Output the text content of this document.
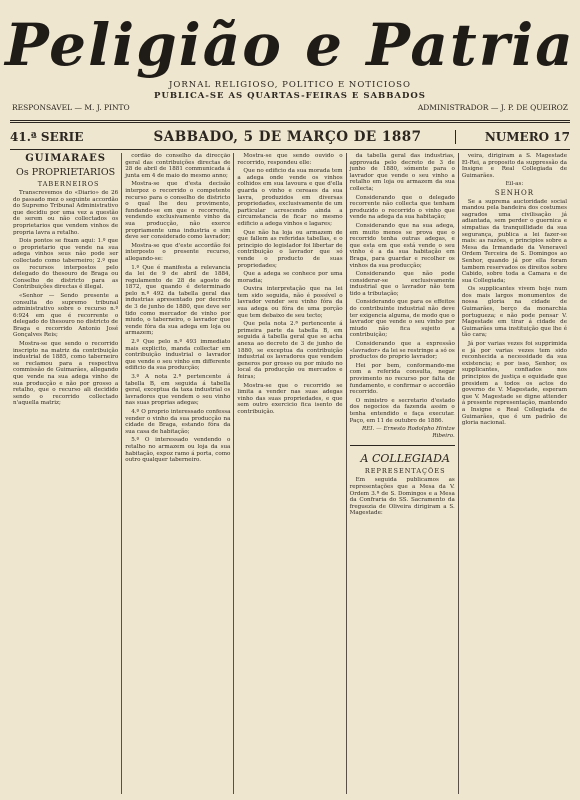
Peligião e Patria
JORNAL RELIGIOSO, POLITICO E NOTICIOSO
PUBLICA-SE AS QUARTAS-FEIRAS E SABBADOS
RESPONSAVEL — M. J. PINTO	ADMINISTRADOR — J. P. DE QUEIROZ
41.ª SERIE	SABBADO, 5 DE MARÇO DE 1887	NUMERO 17

GUIMARÃES

Os PROPRIETARIOS

TABERNEIROS

Transcrevemos do «Diario» de 26 do passado mez o seguinte accordão do Supremo Tribunal Administrativo que decidiu por uma vez a questão de serem ou não collectados os proprietarios que vendem vinhos de propria lavra a retalho.

Dois pontos se fixam aqui: 1.º que o proprietario que vende na sua adega vinhos seus não pode ser collectado como taberneiro; 2.º que os recursos interpostos pelo delegado do thesouro de Braga ou Conselho de districto para as Contribuições directas é illegal.

«Senhor — Sendo presente a consulta do supremo tribunal administrativo sobre o recurso n.º 6:924 em que é recorrente o delegado do thesouro no districto de Braga e recorrido Antonio José Gonçalves Reis;

Mostra-se que sendo o recorrido inscripto na matriz da contribuição industrial de 1885, como taberneiro se reclamou para a respectiva commissão de Guimarães, allegando que vende na sua adega vinho de sua producção e não por grosso a retalho, que o recurso ali decidido sendo o recorrido collectado n'aquella matriz;

cordão do conselho da direcção geral das contribuições directas de 28 de abril de 1881 communicada á junta em 4 de maio do mesmo anno;

Mostra-se que d'esta decisão interpoz o recorrido o competente recurso para o conselho de districto o qual lhe deu provimento, fundando-se em que o recorrente, vendendo exclusivamente vinho da sua producção, não exerce propriamente uma industria e sim deve ser considerado como lavrador;

Mostra-se que d'este accordão foi interposto o presente recurso, allegando-se:

1.º Que é manifesta a relevancia da lei de 9 de abril de 1884, regulamento de 28 de agosto de 1872, que quando é determinado pelo n.º 492 da tabella geral das industrias apresentado por decreto de 3 de junho de 1880, que deve ser tido como mercador de vinho por miudo, o taberneiro, o lavrador que vende fóra da sua adega em loja ou armazem;

2.º Que pelo n.º 493 immediato mais explicito, manda collectar em contribuição industrial o lavrador que vende o seu vinho em differente edificio da sua producção;

3.º A nota 2.ª pertencente á tabella B, em seguida á tabella geral, exceptua da taxa industrial os lavradores que vendem o seu vinho nas suas proprias adegas;

4.º O proprio interessado confessa vender o vinho da sua producção na cidade de Braga, estando fóra da sua casa de habitação;

5.º O interessado vendendo o retalho no armazem ou loja da sua habitação, expoz ramo á porta, como outro qualquer taberneiro.

Mostra-se que sendo ouvido o recorrido, respondeu elle:

Que no edificio da sua morada tem a adega onde vende os vinhos colhidos em sua lavoura e que d'ella guarda o vinho e cereaes da sua lavra, produzidos em diversas propriedades, exclusivamente de um particular acrescendo ainda a circumstancia de ficar no mesmo edificio a adega vinhos e lagares;

Que não ha loja ou armazem de que fallem as referidas tabellas, e o principio do legislador foi libertar de contribuição o lavrador que só vende o producto de suas propriedades;

Que a adega se conhece por uma moradia;

Ouvira interpretação que na lei tem sido seguida, não é possível o lavrador vender seu vinho fóra da sua adega ou fóra de uma porção que tem debaixo de seu tecto;

Que pela nota 2.ª pertencente á primeira parte da tabella B, em seguida á tabella geral que se acha anexa ao decreto de 3 de junho de 1880, se exceptua da contribuição industrial os lavradores que vendem generos por grosso ou por miudo no local da producção ou mercados e feiras;

Mostra-se que o recorrido se limita a vender nas suas adegas vinho das suas propriedades, e que sem outro exercicio fica isento de contribuição.

da tabella geral das industrias, approvada pelo decreto de 3 de junho de 1880, sómente para o lavrador que vende o seu vinho a retalho em loja ou armazem da sua collecta;

Considerando que o delegado recorrente não collecta que tenham produzido o recorrido o vinho que vende na adega da sua habitação;

Considerando que na sua adega, em muito menos se prova que o recorrido tenha outras adegas, e que esta em que está vende o seu vinho é a da sua habitação em Braga, para guardar e recolher os vinhos da sua producção;

Considerando que não pode considerar-se exclusivamente industrial que o lavrador não tem tido a tributação;

Considerando que para os effeitos do contribuinte industrial não deve ter exigencia alguma, de modo que o lavrador que vende o seu vinho por miudo não fica sujeito a contribuição;

Considerando que a expressão «lavrador» da lei se restringe a só os productos do proprio lavrador;

Hei por bem, conformando-me com a referida consulta, negar provimento no recurso por falta de fundamento, e confirmar o accordão recorrido.

O ministro e secretario d'estado dos negocios da fazenda assim o tenha entendido e faça executar. Paço, em 11 de outubro de 1886.

REI. — Ernesto Rodolpho Hintze Ribeiro.

A COLLEGIADA

REPRESENTAÇÕES

Em seguida publicamos as representações que a Mesa da V. Ordem 3.ª de S. Domingos e a Mesa da Confraria do SS. Sacramento da freguezia de Oliveira dirigiram a S. Magestade:

veira, dirigiram a S. Magestade El-Rei, a proposito da suppressão da Insigne e Real Collegiada de Guimarães.

Eil-as:

SENHOR

Se a suprema auctoridade social mandou pela bandeira dos costumes sagrados uma civilisação já adiantada, sem perder o guernica e simpatias da tranquillidade da sua segurança, publica a lei fazer-se mais: as razões, e principios sobre a Mesa da Irmandade da Veneravel Ordem Terceira de S. Domingos ao Senhor, quando já por ella foram tambem reservados os direitos sobre Cabido, sobre toda a Camara e de sua Collegiada;

Os supplicantes vivem hoje num dos mais largos monumentos de nossa gloria na cidade de Guimarães, berço da monarchia portugueza; e não pode pensar V. Magestade em tirar á cidade de Guimarães uma instituição que lhe é tão cara;

Já por varias vezes foi supprimida e já por varias vezes tem sido reconhecida a necessidade da sua existencia; e por isso, Senhor, os supplicantes, confiados nos principios de justiça e equidade que presidem a todos os actos do governo de V. Magestade, esperam que V. Magestade se digne attender á presente representação, mantendo a Insigne e Real Collegiada de Guimarães, que é um padrão de gloria nacional.
